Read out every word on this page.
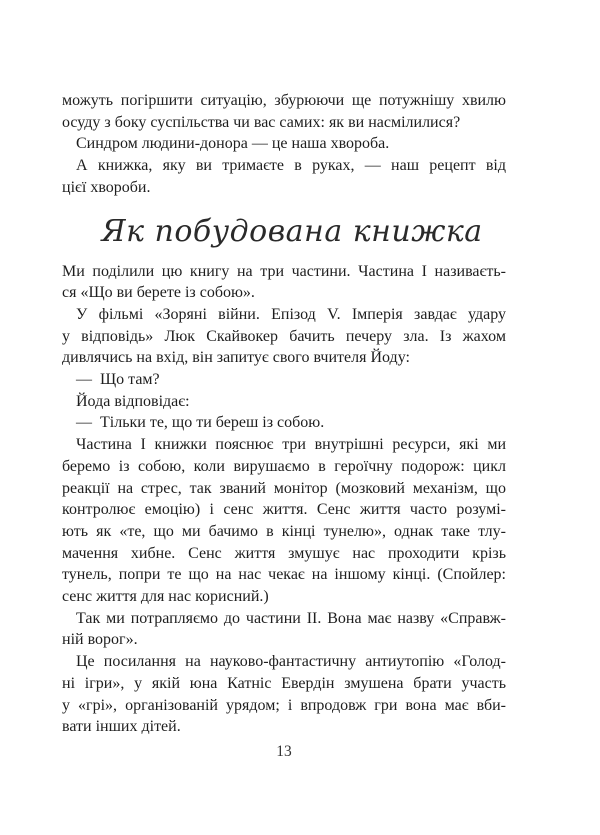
можуть погіршити ситуацію, збурюючи ще потужнішу хвилю
осуду з боку суспільства чи вас самих: як ви насмілилися?
Синдром людини-донора — це наша хвороба.
А книжка, яку ви тримаєте в руках, — наш рецепт від
цієї хвороби.
Як побудована книжка
Ми поділили цю книгу на три частини. Частина I називаєть-
ся «Що ви берете із собою».
У фільмі «Зоряні війни. Епізод V. Імперія завдає удару
у відповідь» Люк Скайвокер бачить печеру зла. Із жахом
дивлячись на вхід, він запитує свого вчителя Йоду:
— Що там?
Йода відповідає:
— Тільки те, що ти береш із собою.
Частина I книжки пояснює три внутрішні ресурси, які ми
беремо із собою, коли вирушаємо в героїчну подорож: цикл
реакції на стрес, так званий монітор (мозковий механізм, що
контролює емоцію) і сенс життя. Сенс життя часто розумі-
ють як «те, що ми бачимо в кінці тунелю», однак таке тлу-
мачення хибне. Сенс життя змушує нас проходити крізь
тунель, попри те що на нас чекає на іншому кінці. (Спойлер:
сенс життя для нас корисний.)
Так ми потрапляємо до частини II. Вона має назву «Справж-
ній ворог».
Це посилання на науково-фантастичну антиутопію «Голод-
ні ігри», у якій юна Катніс Евердін змушена брати участь
у «грі», організованій урядом; і впродовж гри вона має вби-
вати інших дітей.
13
